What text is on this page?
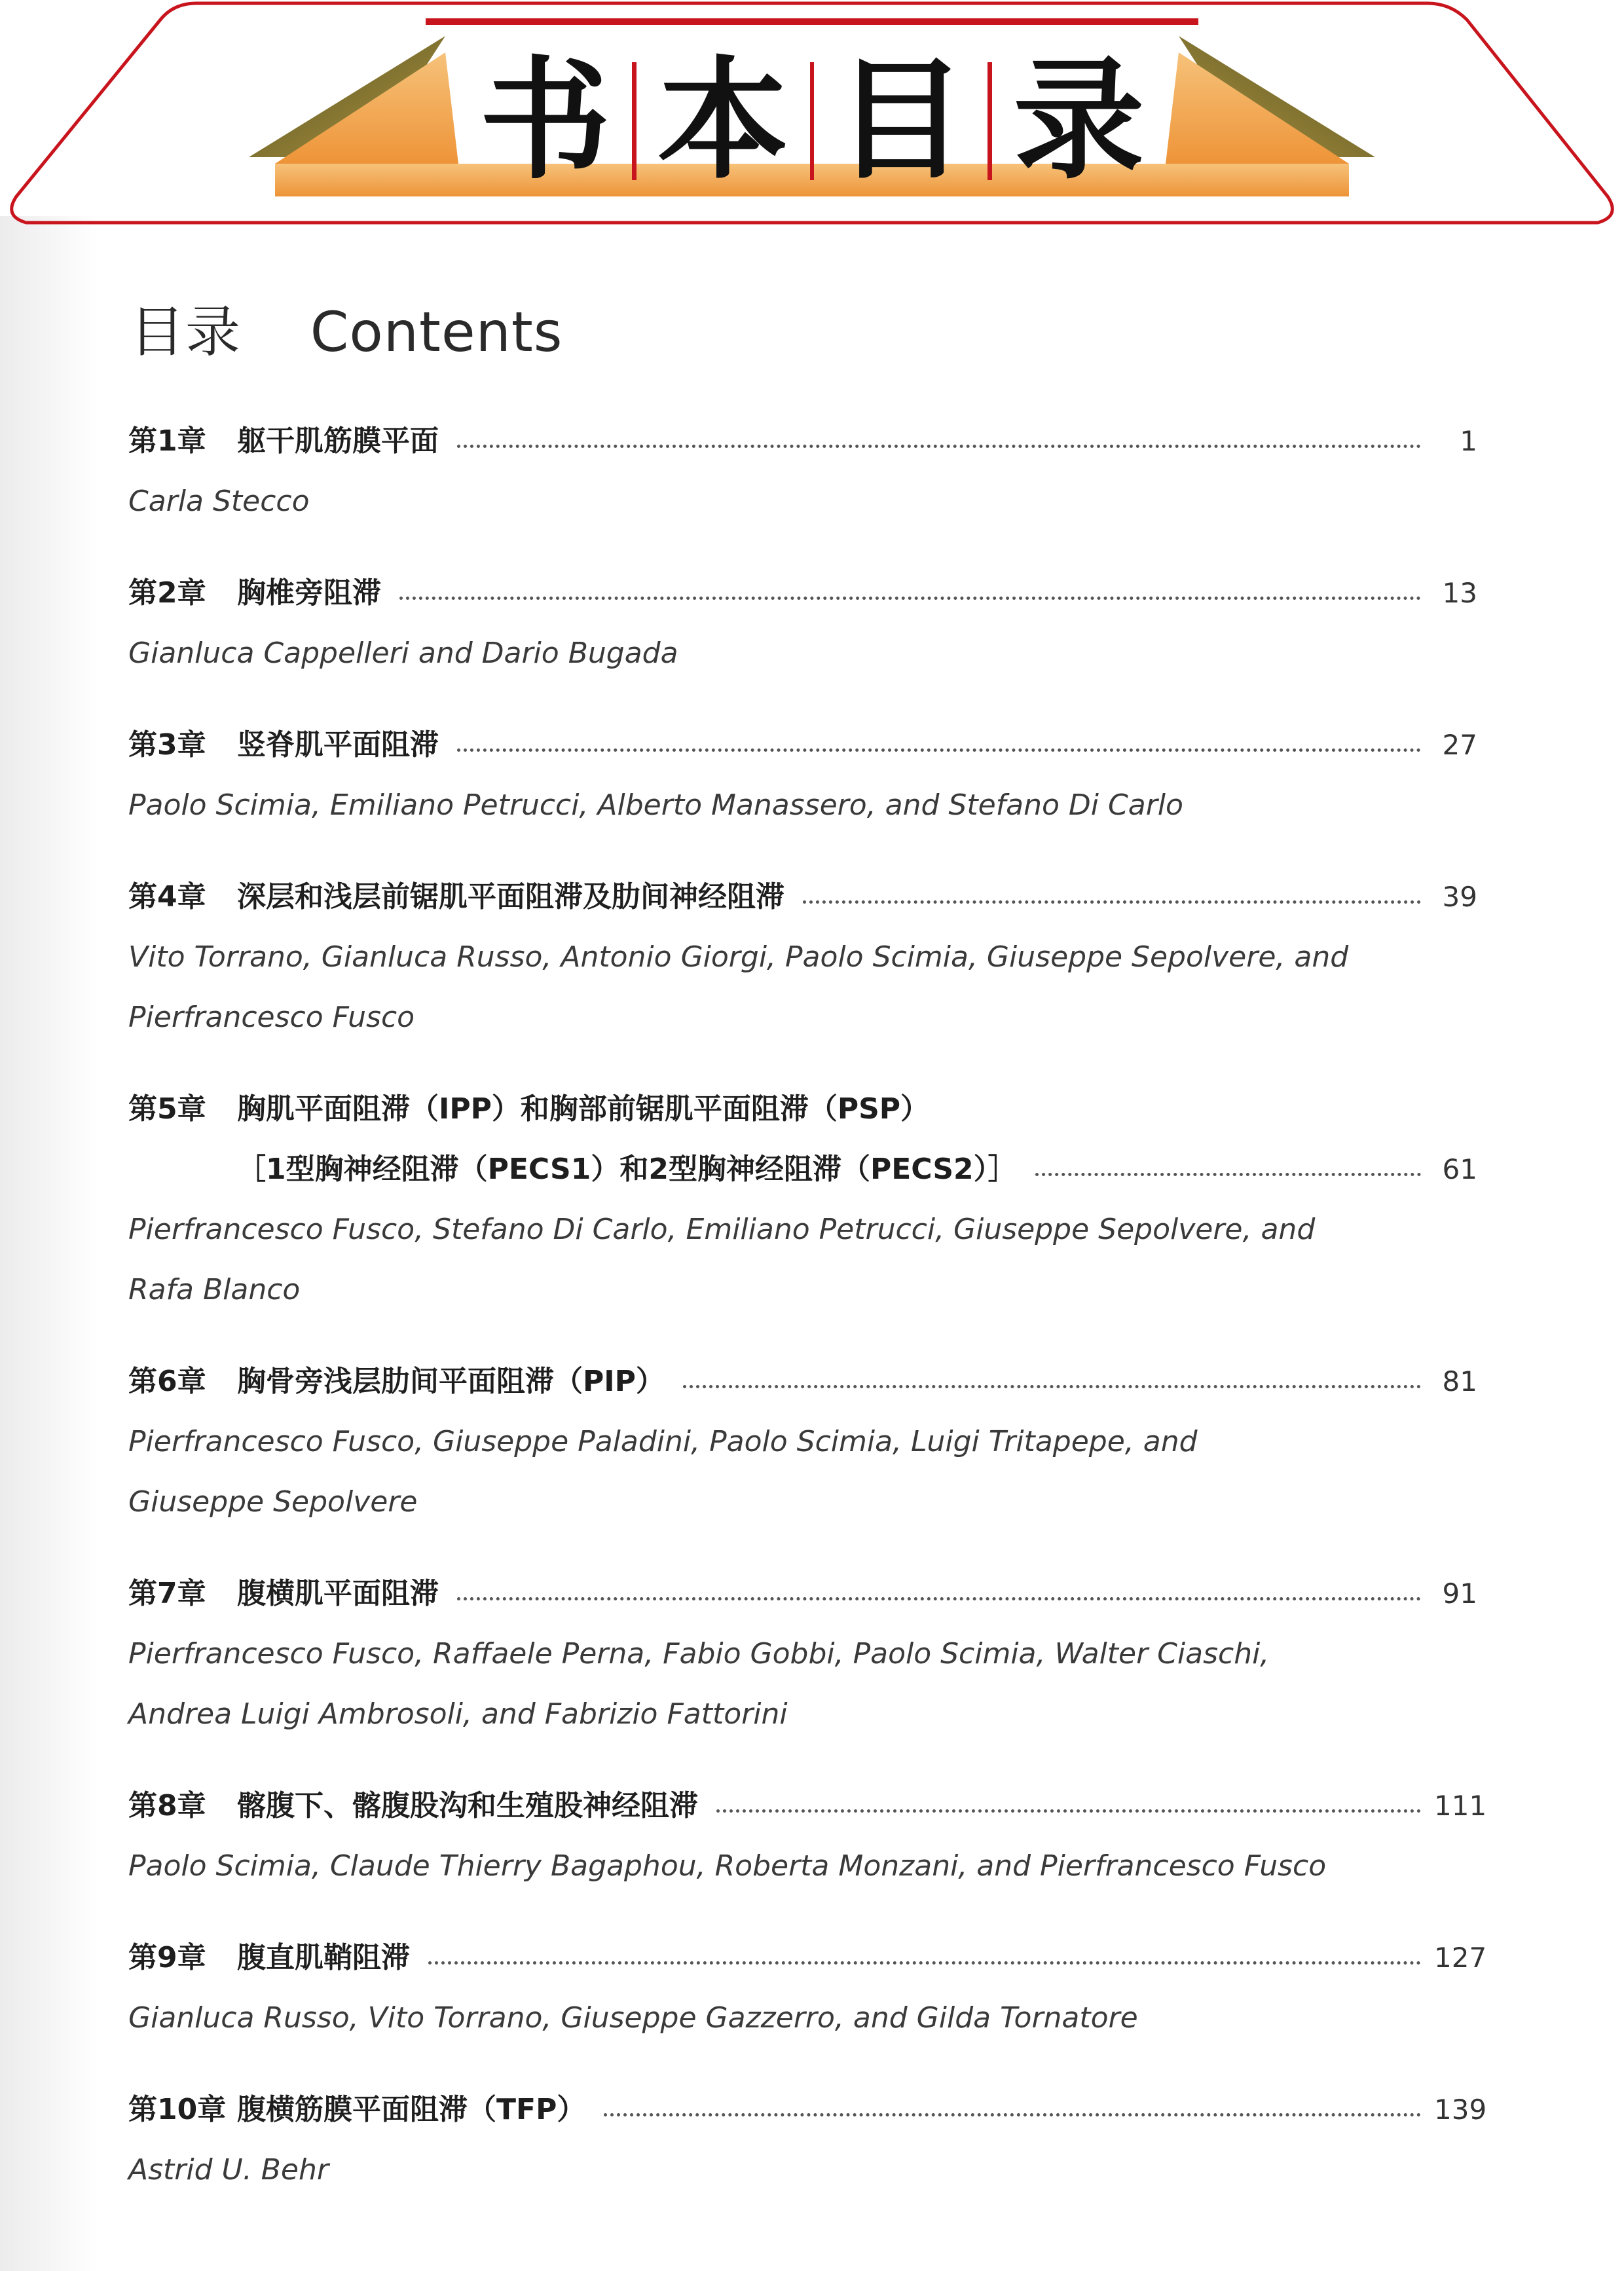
书 本 目 录
目录 Contents
第1章	躯干肌筋膜平面	1
Carla Stecco
第2章	胸椎旁阻滞	13
Gianluca Cappelleri and Dario Bugada
第3章	竖脊肌平面阻滞	27
Paolo Scimia, Emiliano Petrucci, Alberto Manassero, and Stefano Di Carlo
第4章	深层和浅层前锯肌平面阻滞及肋间神经阻滞	39
Vito Torrano, Gianluca Russo, Antonio Giorgi, Paolo Scimia, Giuseppe Sepolvere, and
Pierfrancesco Fusco
第5章	胸肌平面阻滞（IPP）和胸部前锯肌平面阻滞（PSP）
［1型胸神经阻滞（PECS1）和2型胸神经阻滞（PECS2）］	61
Pierfrancesco Fusco, Stefano Di Carlo, Emiliano Petrucci, Giuseppe Sepolvere, and
Rafa Blanco
第6章	胸骨旁浅层肋间平面阻滞（PIP）	81
Pierfrancesco Fusco, Giuseppe Paladini, Paolo Scimia, Luigi Tritapepe, and
Giuseppe Sepolvere
第7章	腹横肌平面阻滞	91
Pierfrancesco Fusco, Raffaele Perna, Fabio Gobbi, Paolo Scimia, Walter Ciaschi,
Andrea Luigi Ambrosoli, and Fabrizio Fattorini
第8章	髂腹下、髂腹股沟和生殖股神经阻滞	111
Paolo Scimia, Claude Thierry Bagaphou, Roberta Monzani, and Pierfrancesco Fusco
第9章	腹直肌鞘阻滞	127
Gianluca Russo, Vito Torrano, Giuseppe Gazzerro, and Gilda Tornatore
第10章 腹横筋膜平面阻滞（TFP）	139
Astrid U. Behr
